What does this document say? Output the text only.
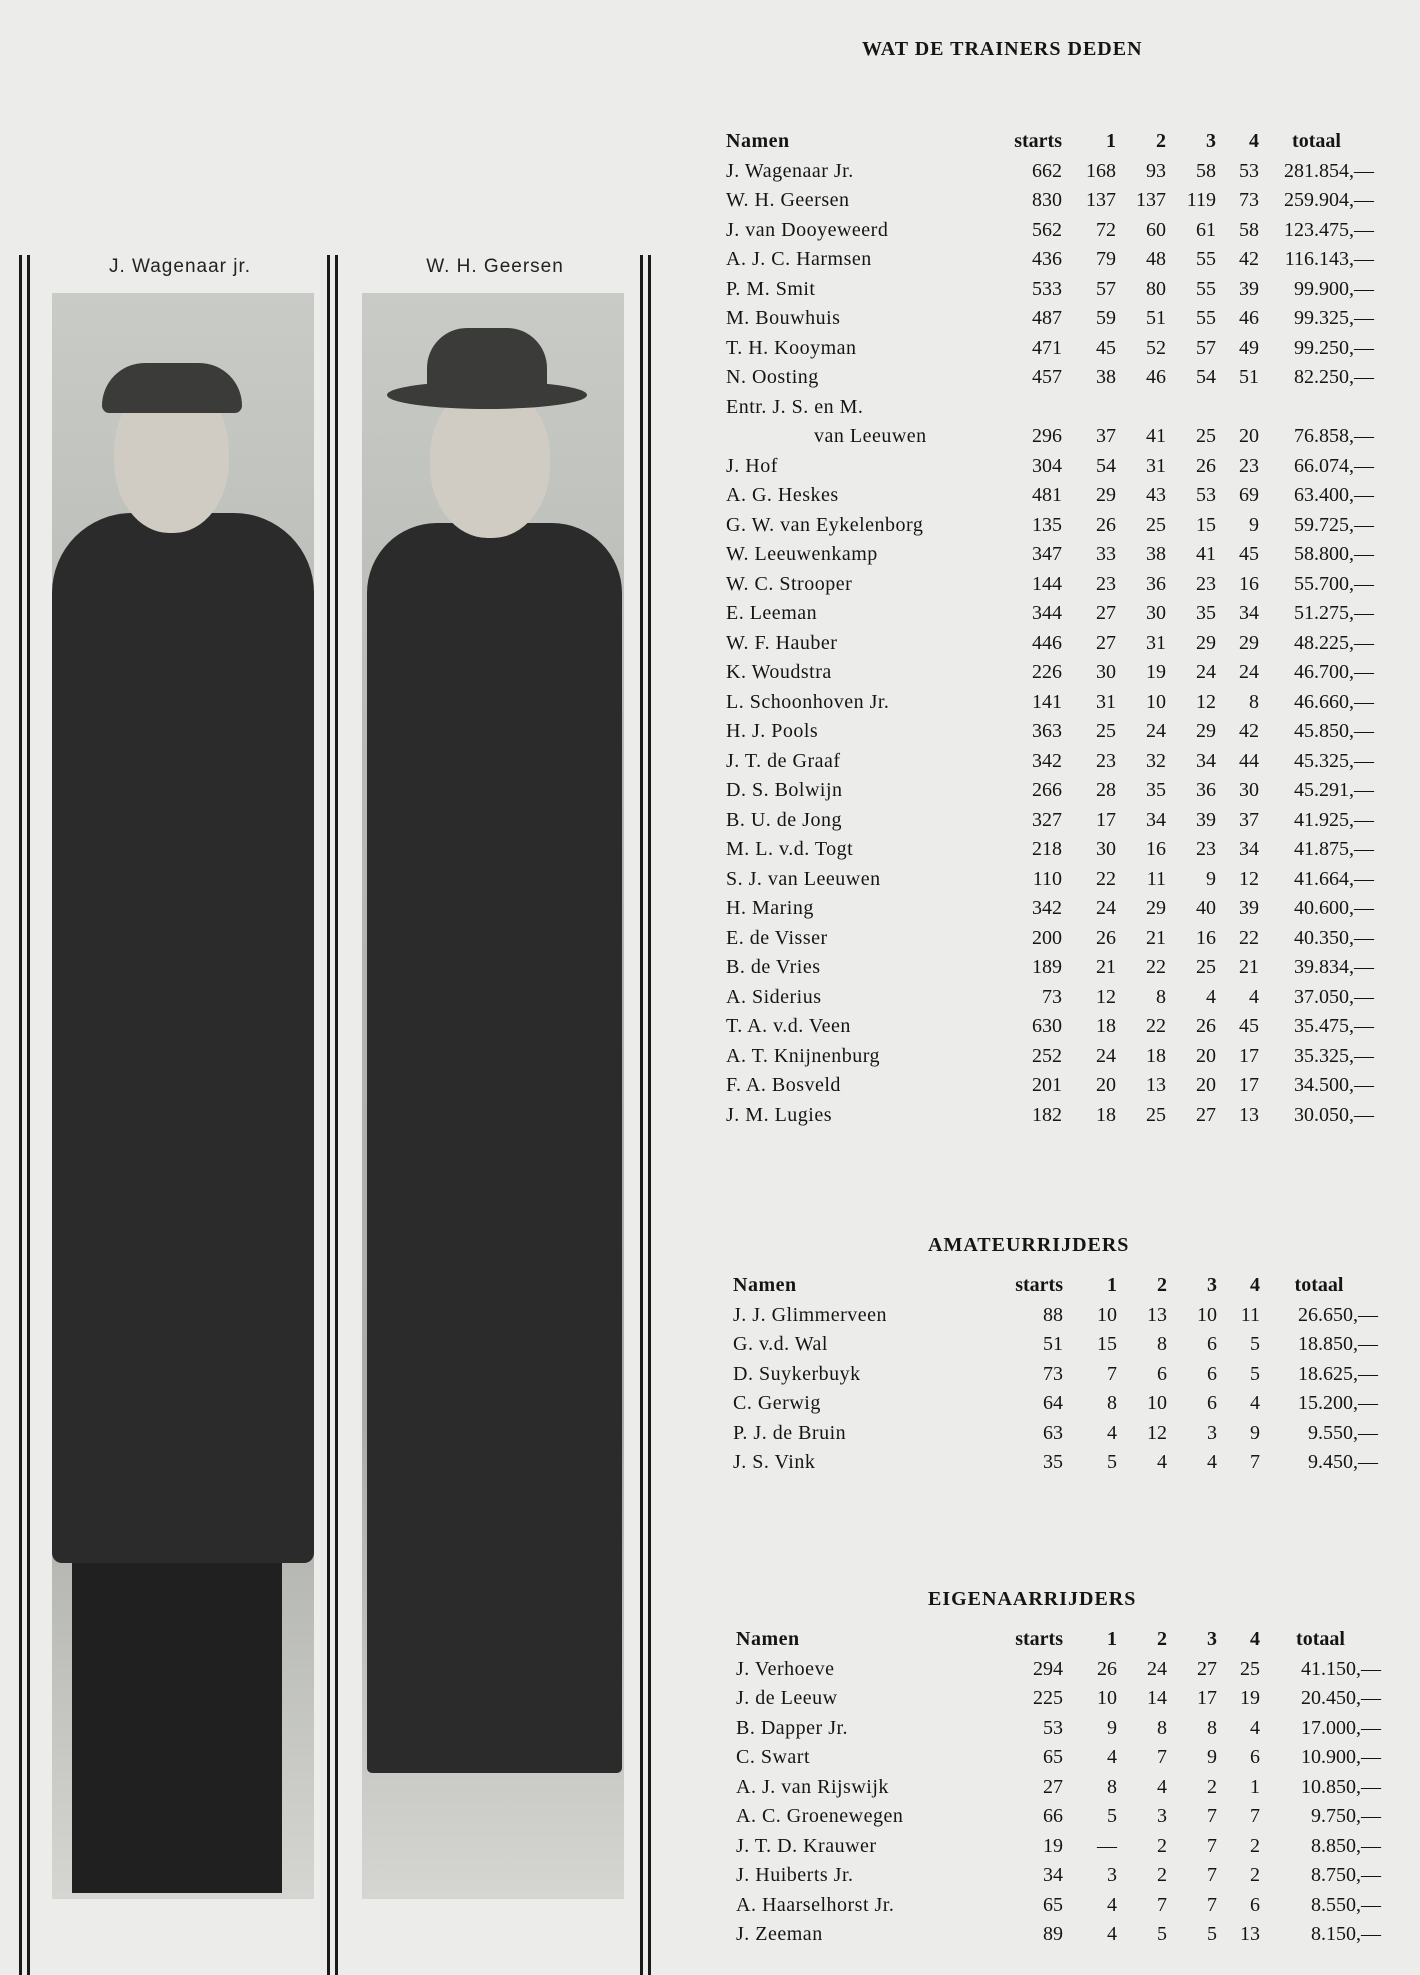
J. Wagenaar jr.	W. H. Geersen
WAT DE TRAINERS DEDEN
Namen	starts	1	2	3	4	totaal
J. Wagenaar Jr.	662	168	93	58	53	281.854,—
W. H. Geersen	830	137	137	119	73	259.904,—
J. van Dooyeweerd	562	72	60	61	58	123.475,—
A. J. C. Harmsen	436	79	48	55	42	116.143,—
P. M. Smit	533	57	80	55	39	99.900,—
M. Bouwhuis	487	59	51	55	46	99.325,—
T. H. Kooyman	471	45	52	57	49	99.250,—
N. Oosting	457	38	46	54	51	82.250,—
Entr. J. S. en M.						
van Leeuwen	296	37	41	25	20	76.858,—
J. Hof	304	54	31	26	23	66.074,—
A. G. Heskes	481	29	43	53	69	63.400,—
G. W. van Eykelenborg	135	26	25	15	9	59.725,—
W. Leeuwenkamp	347	33	38	41	45	58.800,—
W. C. Strooper	144	23	36	23	16	55.700,—
E. Leeman	344	27	30	35	34	51.275,—
W. F. Hauber	446	27	31	29	29	48.225,—
K. Woudstra	226	30	19	24	24	46.700,—
L. Schoonhoven Jr.	141	31	10	12	8	46.660,—
H. J. Pools	363	25	24	29	42	45.850,—
J. T. de Graaf	342	23	32	34	44	45.325,—
D. S. Bolwijn	266	28	35	36	30	45.291,—
B. U. de Jong	327	17	34	39	37	41.925,—
M. L. v.d. Togt	218	30	16	23	34	41.875,—
S. J. van Leeuwen	110	22	11	9	12	41.664,—
H. Maring	342	24	29	40	39	40.600,—
E. de Visser	200	26	21	16	22	40.350,—
B. de Vries	189	21	22	25	21	39.834,—
A. Siderius	73	12	8	4	4	37.050,—
T. A. v.d. Veen	630	18	22	26	45	35.475,—
A. T. Knijnenburg	252	24	18	20	17	35.325,—
F. A. Bosveld	201	20	13	20	17	34.500,—
J. M. Lugies	182	18	25	27	13	30.050,—
AMATEURRIJDERS
Namen	starts	1	2	3	4	totaal
J. J. Glimmerveen	88	10	13	10	11	26.650,—
G. v.d. Wal	51	15	8	6	5	18.850,—
D. Suykerbuyk	73	7	6	6	5	18.625,—
C. Gerwig	64	8	10	6	4	15.200,—
P. J. de Bruin	63	4	12	3	9	9.550,—
J. S. Vink	35	5	4	4	7	9.450,—
EIGENAARRIJDERS
Namen	starts	1	2	3	4	totaal
J. Verhoeve	294	26	24	27	25	41.150,—
J. de Leeuw	225	10	14	17	19	20.450,—
B. Dapper Jr.	53	9	8	8	4	17.000,—
C. Swart	65	4	7	9	6	10.900,—
A. J. van Rijswijk	27	8	4	2	1	10.850,—
A. C. Groenewegen	66	5	3	7	7	9.750,—
J. T. D. Krauwer	19	—	2	7	2	8.850,—
J. Huiberts Jr.	34	3	2	7	2	8.750,—
A. Haarselhorst Jr.	65	4	7	7	6	8.550,—
J. Zeeman	89	4	5	5	13	8.150,—
